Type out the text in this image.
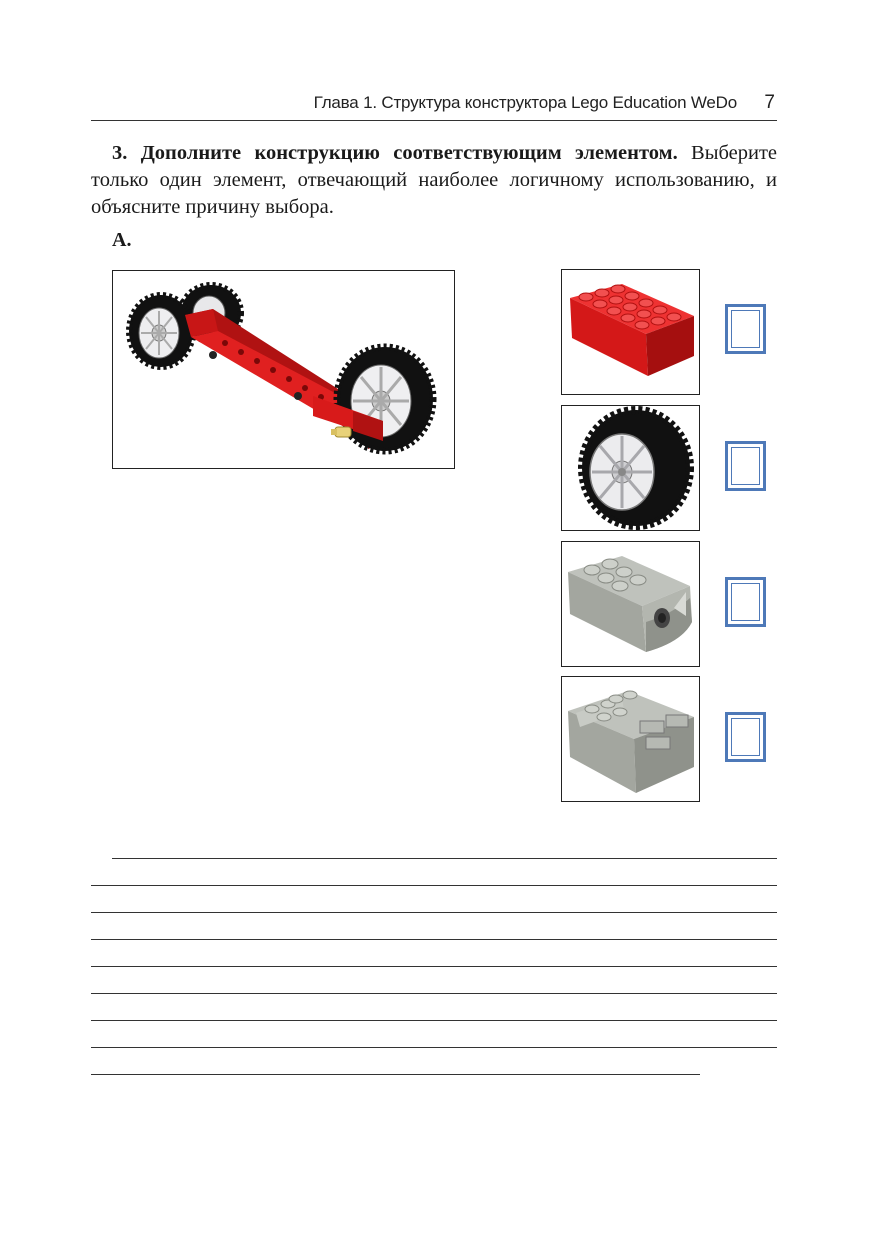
Глава 1. Структура конструктора Lego Education WeDo 7
3. Дополните конструкцию соответствующим элементом. Выберите только один элемент, отвечающий наиболее логичному использованию, и объясните причину выбора.
А.
